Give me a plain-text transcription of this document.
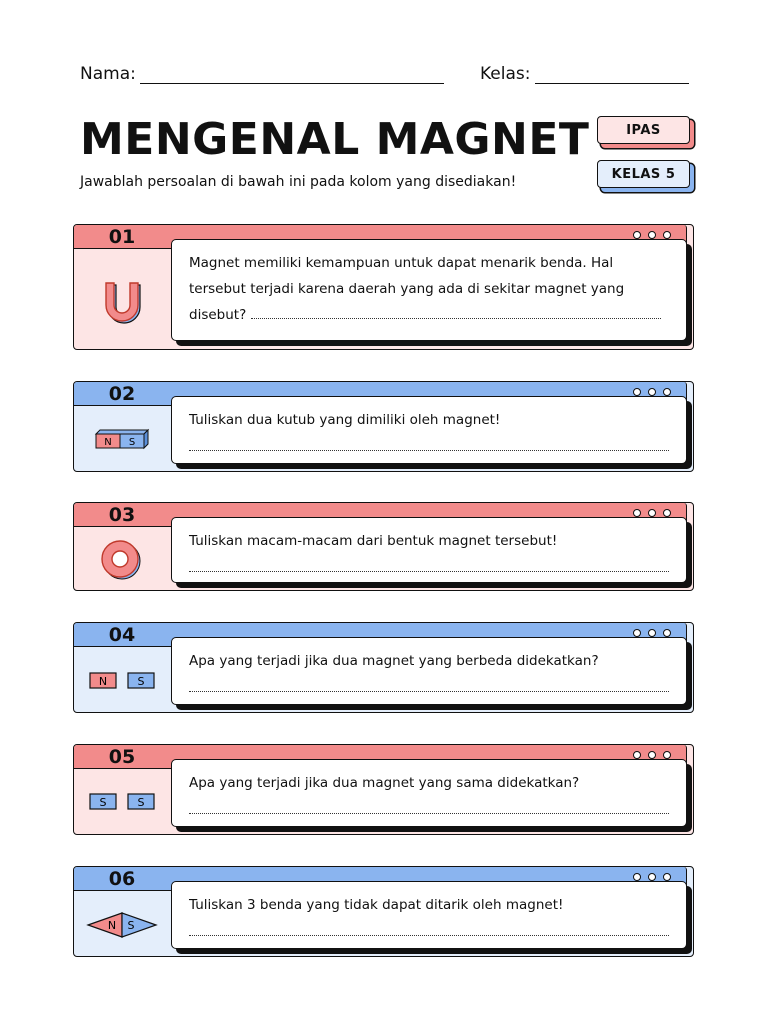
Nama:	Kelas:
MENGENAL MAGNET
Jawablah persoalan di bawah ini pada kolom yang disediakan!
IPAS
KELAS 5
01
Magnet memiliki kemampuan untuk dapat menarik benda. Hal tersebut terjadi karena daerah yang ada di sekitar magnet yang disebut?
02
N S
Tuliskan dua kutub yang dimiliki oleh magnet!
03
Tuliskan macam-macam dari bentuk magnet tersebut!
04
N	S
Apa yang terjadi jika dua magnet yang berbeda didekatkan?
05
S	S
Apa yang terjadi jika dua magnet yang sama didekatkan?
06
N S
Tuliskan 3 benda yang tidak dapat ditarik oleh magnet!
